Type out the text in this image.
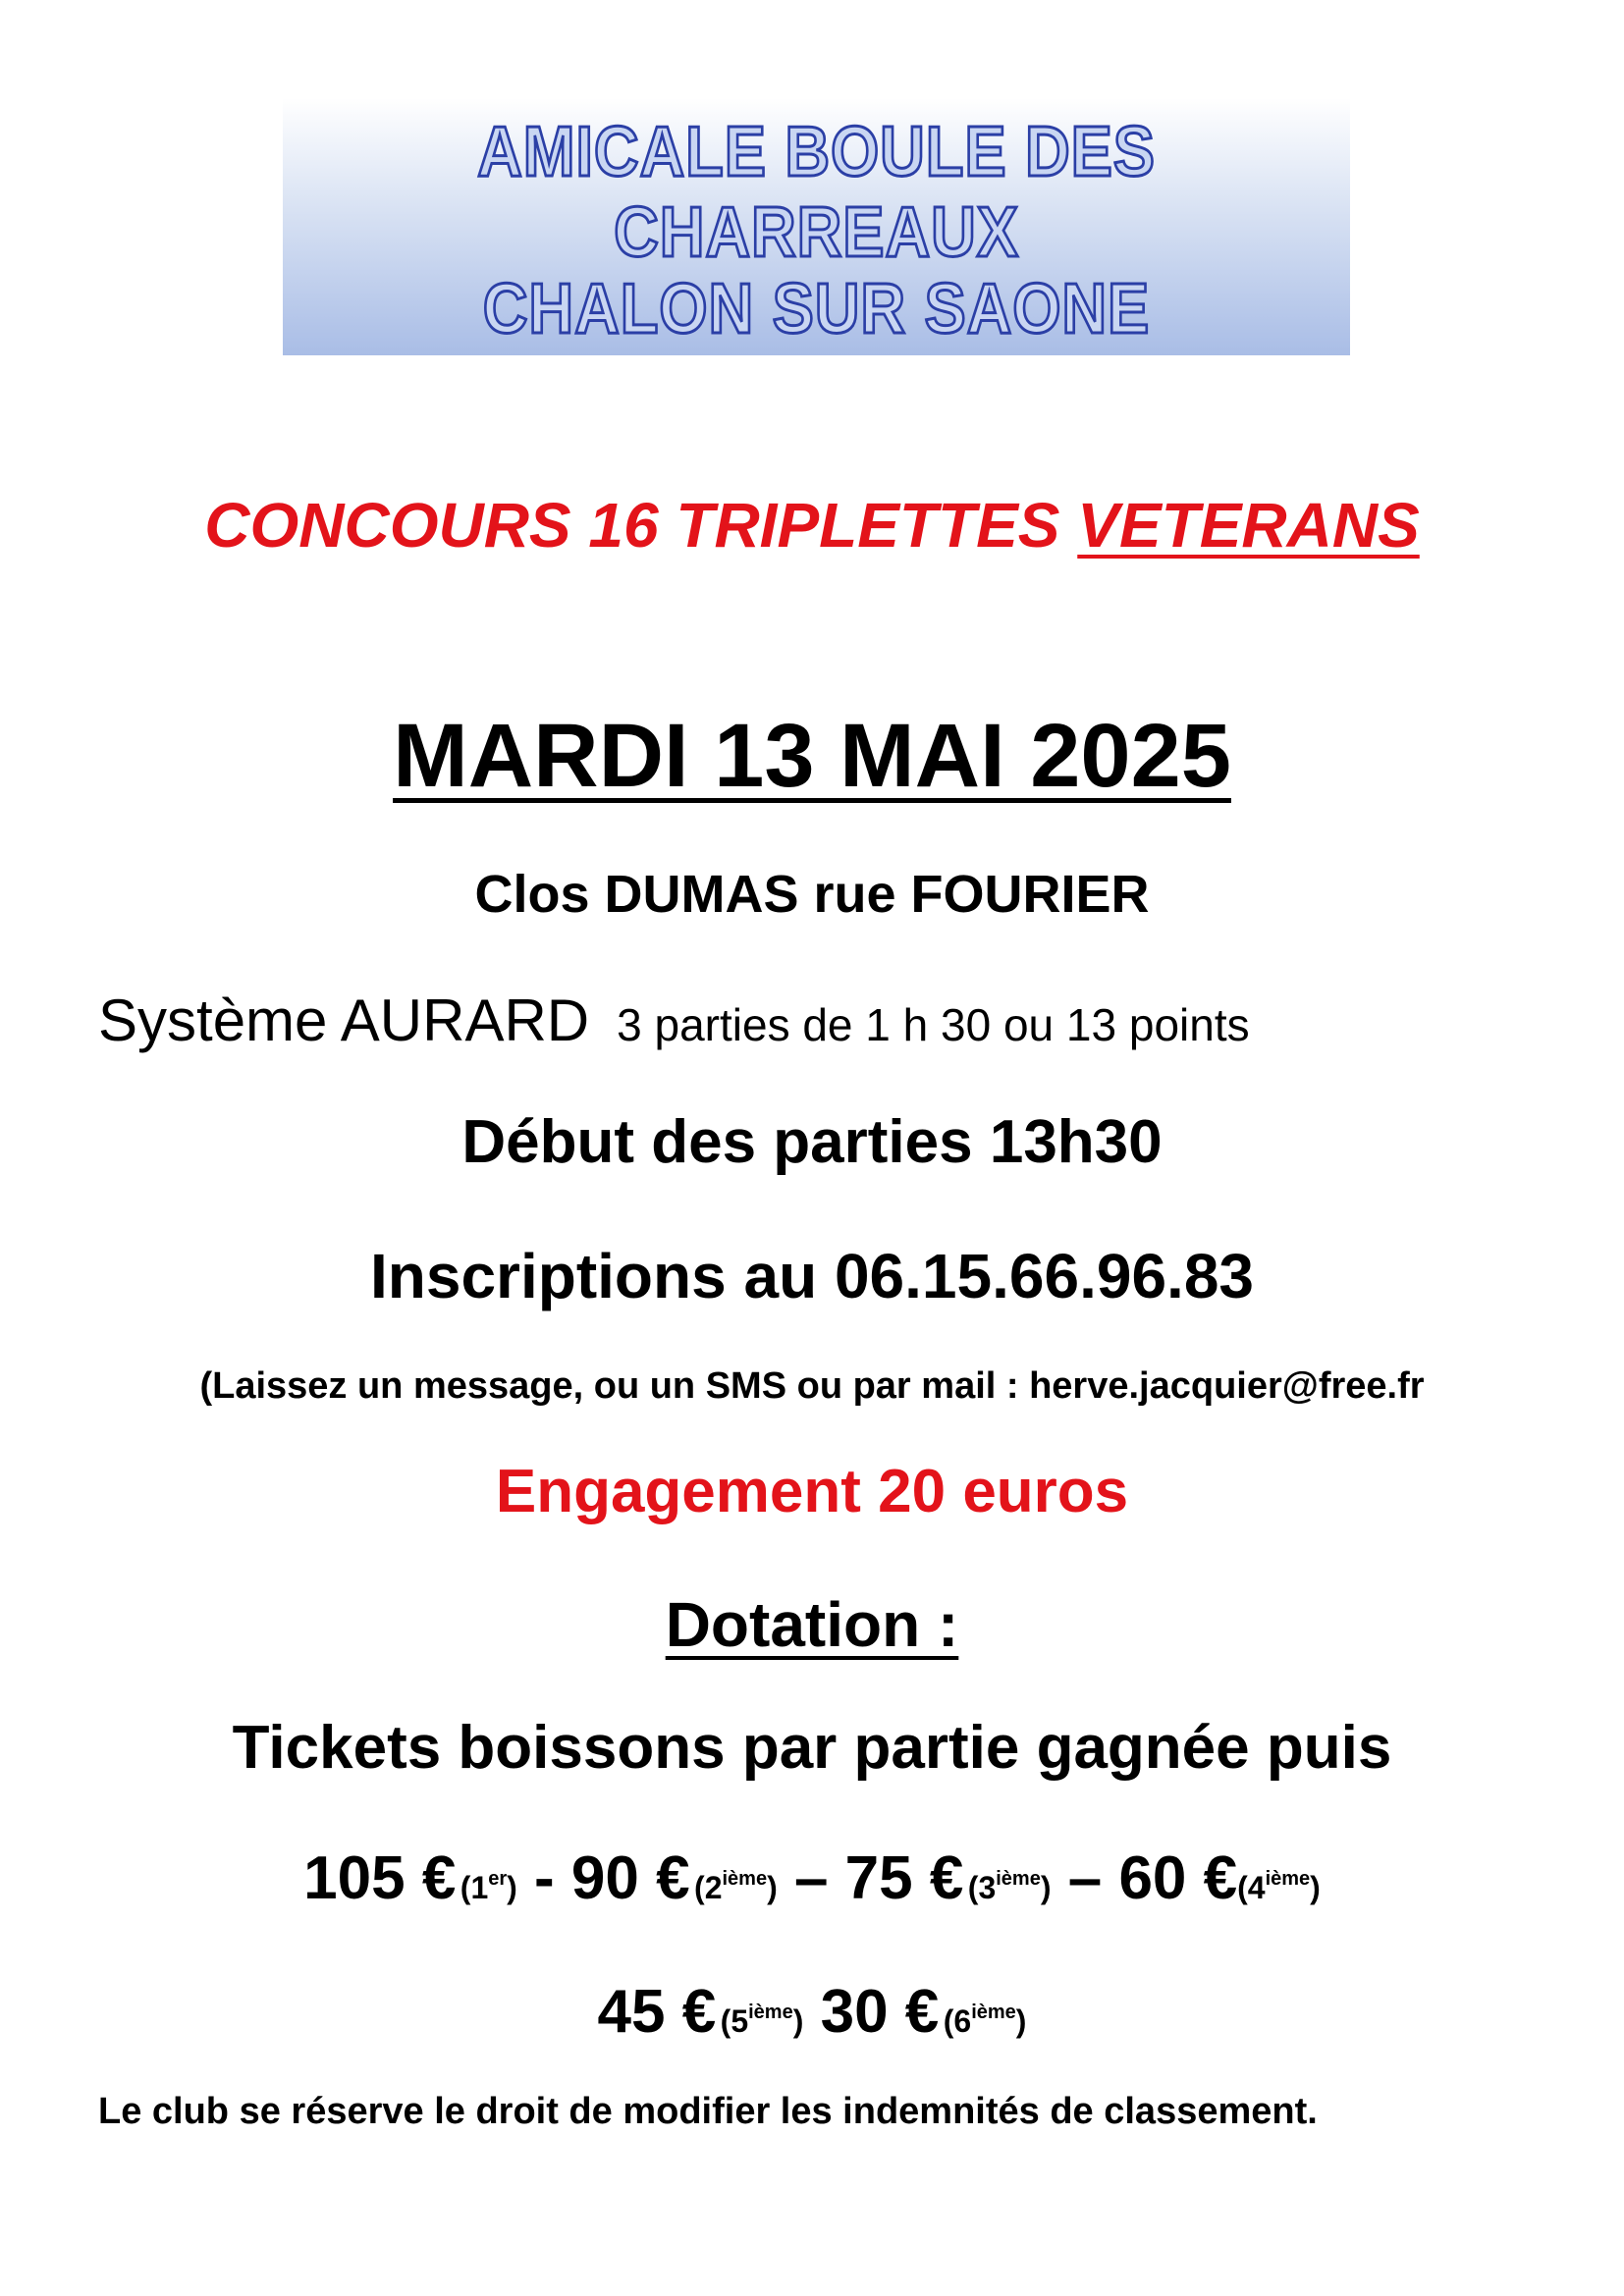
AMICALE BOULE DES CHARREAUX
CHALON SUR SAONE
CONCOURS 16 TRIPLETTES VETERANS
MARDI 13 MAI 2025
Clos DUMAS rue FOURIER
Système AURARD 3 parties de 1 h 30 ou 13 points
Début des parties 13h30
Inscriptions au 06.15.66.96.83
(Laissez un message, ou un SMS ou par mail : herve.jacquier@free.fr
Engagement 20 euros
Dotation :
Tickets boissons par partie gagnée puis
105 € (1er) - 90 € (2ième) – 75 € (3ième) – 60 €(4ième)
45 € (5ième) 30 € (6ième)
Le club se réserve le droit de modifier les indemnités de classement.
